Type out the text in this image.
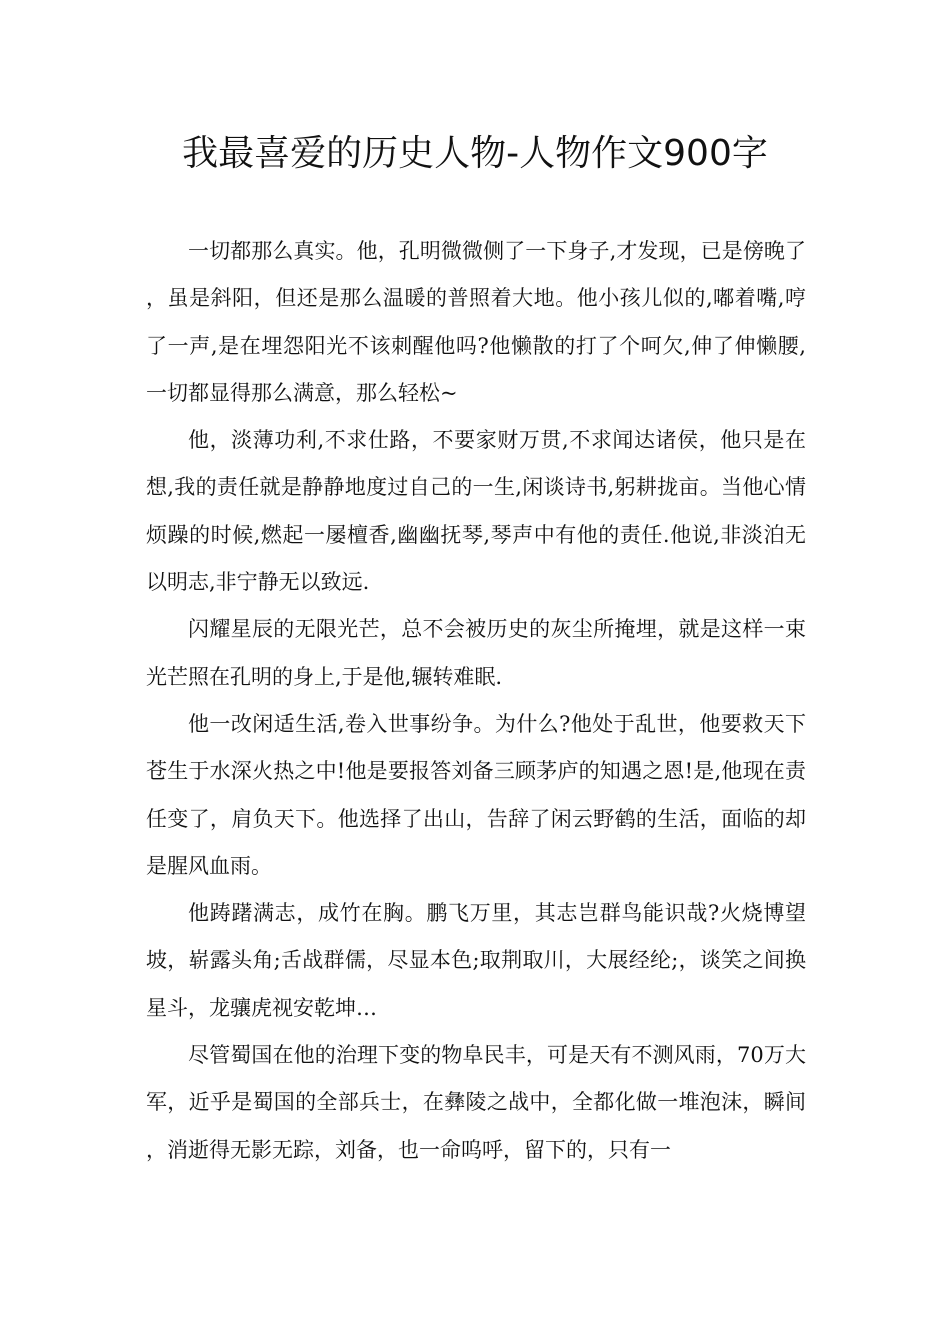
我最喜爱的历史人物-人物作文900字

一切都那么真实。他，孔明微微侧了一下身子,才发现，已是傍晚了，虽是斜阳，但还是那么温暖的普照着大地。他小孩儿似的,嘟着嘴,哼了一声,是在埋怨阳光不该刺醒他吗?他懒散的打了个呵欠,伸了伸懒腰,一切都显得那么满意，那么轻松~

他，淡薄功利,不求仕路，不要家财万贯,不求闻达诸侯，他只是在想,我的责任就是静静地度过自己的一生,闲谈诗书,躬耕拢亩。当他心情烦躁的时候,燃起一屡檀香,幽幽抚琴,琴声中有他的责任.他说,非淡泊无以明志,非宁静无以致远.

闪耀星辰的无限光芒，总不会被历史的灰尘所掩埋，就是这样一束光芒照在孔明的身上,于是他,辗转难眠.

他一改闲适生活,卷入世事纷争。为什么?他处于乱世，他要救天下苍生于水深火热之中!他是要报答刘备三顾茅庐的知遇之恩!是,他现在责任变了，肩负天下。他选择了出山，告辞了闲云野鹤的生活，面临的却是腥风血雨。

他踌躇满志，成竹在胸。鹏飞万里，其志岂群鸟能识哉?火烧博望坡，崭露头角;舌战群儒，尽显本色;取荆取川，大展经纶;，谈笑之间换星斗，龙骧虎视安乾坤…

尽管蜀国在他的治理下变的物阜民丰，可是天有不测风雨，70万大军，近乎是蜀国的全部兵士，在彝陵之战中，全都化做一堆泡沫，瞬间，消逝得无影无踪，刘备，也一命呜呼，留下的，只有一
